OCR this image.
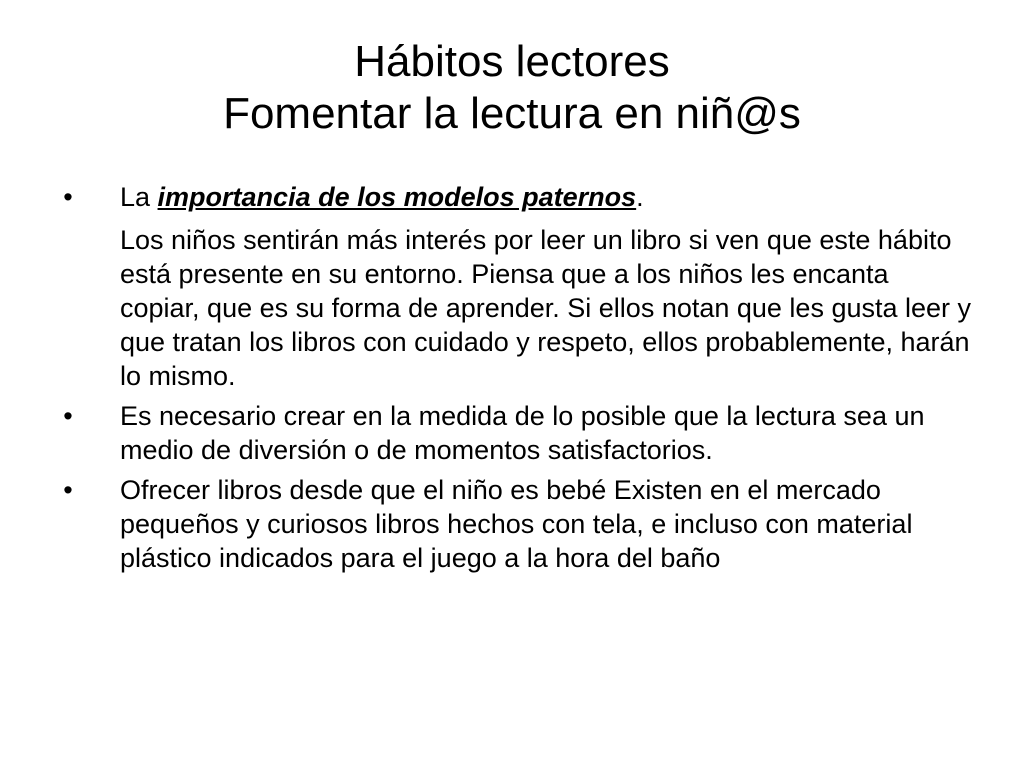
Hábitos lectores
Fomentar la lectura en niñ@s
• La importancia de los modelos paternos.

Los niños sentirán más interés por leer un libro si ven que este hábito está presente en su entorno. Piensa que a los niños les encanta copiar, que es su forma de aprender. Si ellos notan que les gusta leer y que tratan los libros con cuidado y respeto, ellos probablemente, harán lo mismo.

• Es necesario crear en la medida de lo posible que la lectura sea un medio de diversión o de momentos satisfactorios.

• Ofrecer libros desde que el niño es bebé Existen en el mercado pequeños y curiosos libros hechos con tela, e incluso con material plástico indicados para el juego a la hora del baño
